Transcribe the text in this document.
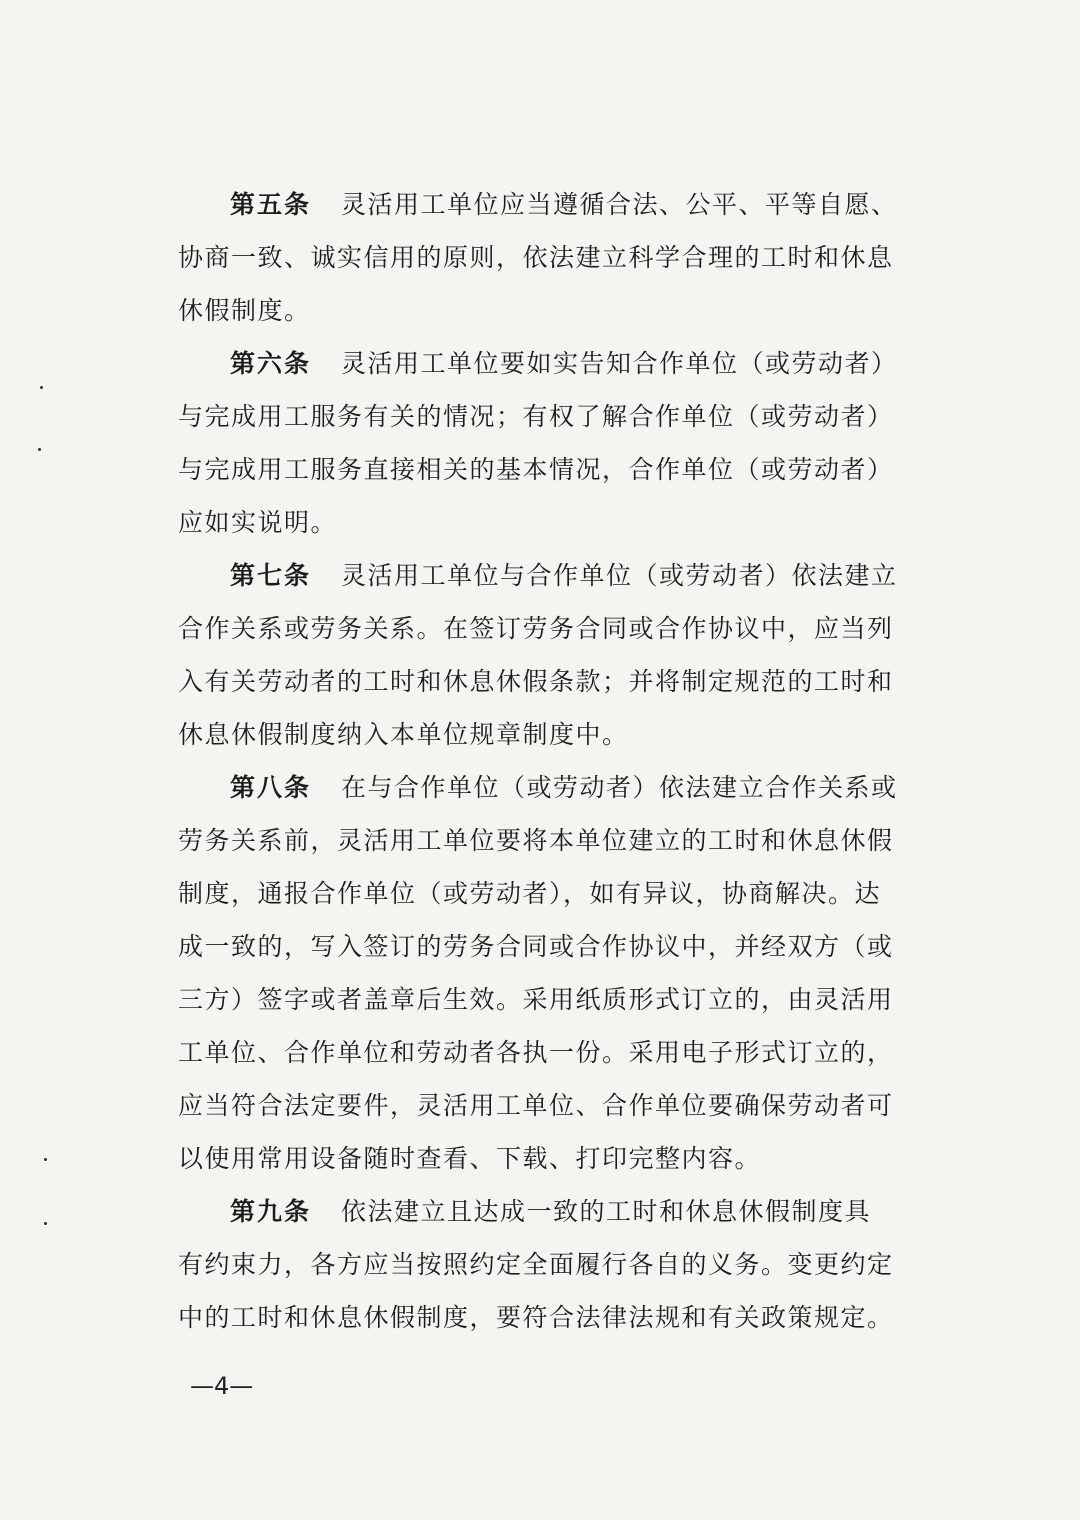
第五条 灵活用工单位应当遵循合法、公平、平等自愿、
协商一致、诚实信用的原则，依法建立科学合理的工时和休息
休假制度。
第六条 灵活用工单位要如实告知合作单位（或劳动者）
与完成用工服务有关的情况；有权了解合作单位（或劳动者）
与完成用工服务直接相关的基本情况，合作单位（或劳动者）
应如实说明。
第七条 灵活用工单位与合作单位（或劳动者）依法建立
合作关系或劳务关系。在签订劳务合同或合作协议中，应当列
入有关劳动者的工时和休息休假条款；并将制定规范的工时和
休息休假制度纳入本单位规章制度中。
第八条 在与合作单位（或劳动者）依法建立合作关系或
劳务关系前，灵活用工单位要将本单位建立的工时和休息休假
制度，通报合作单位（或劳动者），如有异议，协商解决。达
成一致的，写入签订的劳务合同或合作协议中，并经双方（或
三方）签字或者盖章后生效。采用纸质形式订立的，由灵活用
工单位、合作单位和劳动者各执一份。采用电子形式订立的，
应当符合法定要件，灵活用工单位、合作单位要确保劳动者可
以使用常用设备随时查看、下载、打印完整内容。
第九条 依法建立且达成一致的工时和休息休假制度具
有约束力，各方应当按照约定全面履行各自的义务。变更约定
中的工时和休息休假制度，要符合法律法规和有关政策规定。
—4—
